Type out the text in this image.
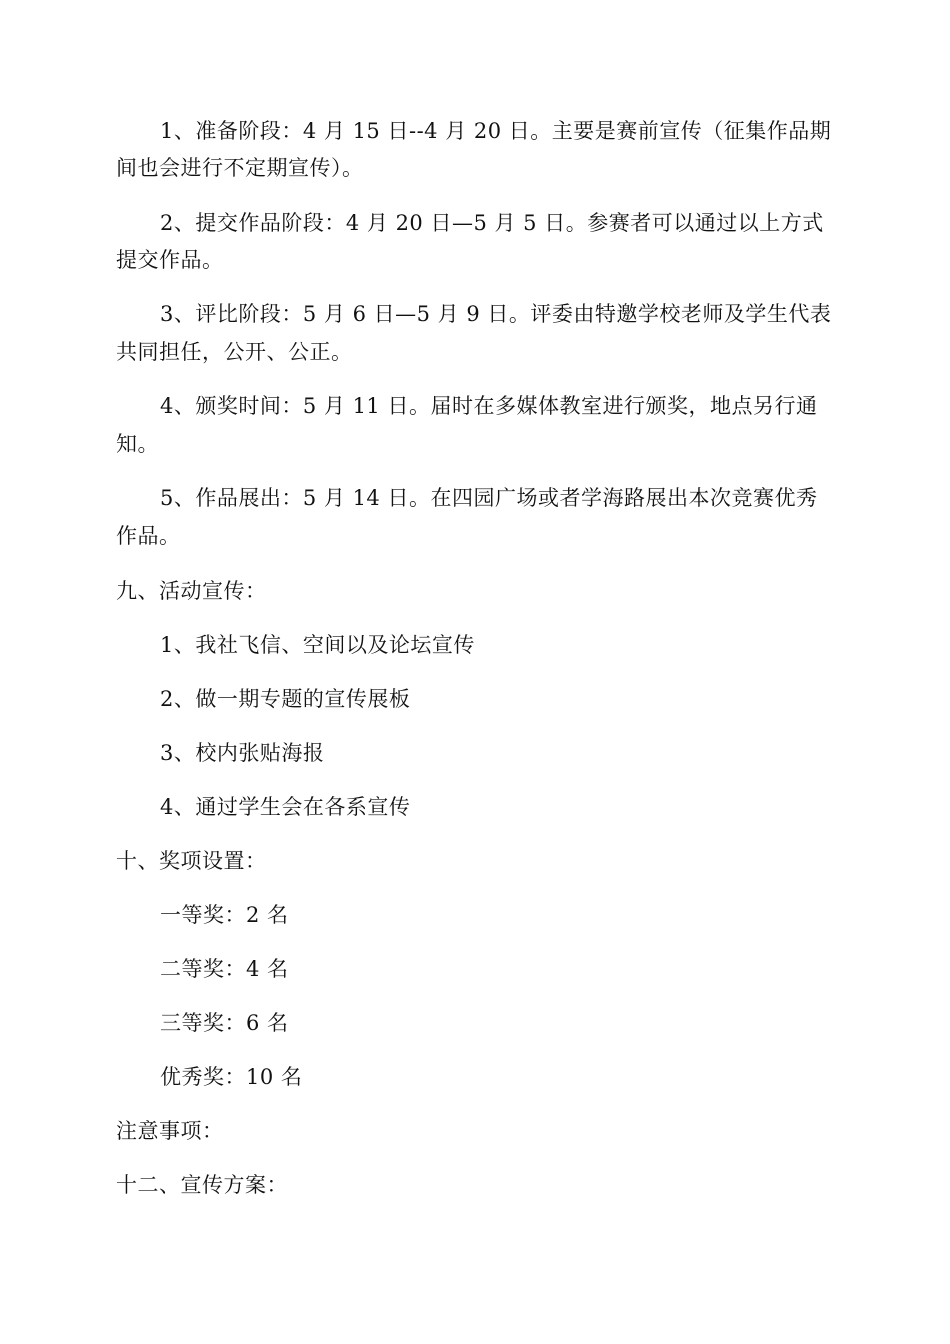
1、准备阶段：4 月 15 日--4 月 20 日。主要是赛前宣传（征集作品期
间也会进行不定期宣传）。
2、提交作品阶段：4 月 20 日—5 月 5 日。参赛者可以通过以上方式
提交作品。
3、评比阶段：5 月 6 日—5 月 9 日。评委由特邀学校老师及学生代表
共同担任，公开、公正。
4、颁奖时间：5 月 11 日。届时在多媒体教室进行颁奖，地点另行通
知。
5、作品展出：5 月 14 日。在四园广场或者学海路展出本次竞赛优秀
作品。
九、活动宣传：
1、我社飞信、空间以及论坛宣传
2、做一期专题的宣传展板
3、校内张贴海报
4、通过学生会在各系宣传
十、奖项设置：
一等奖：2 名
二等奖：4 名
三等奖：6 名
优秀奖：10 名
注意事项：
十二、宣传方案：
